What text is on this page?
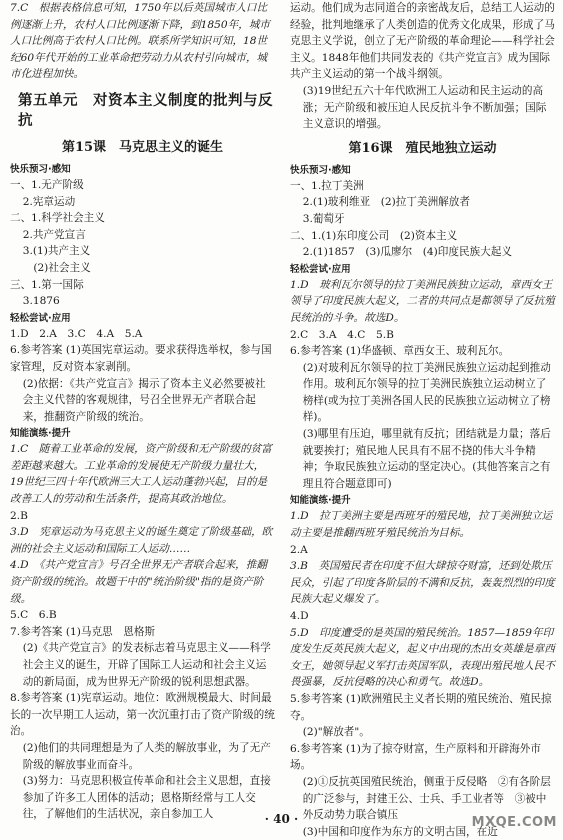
7.C　根据表格信息可知，1750年以后英国城市人口比例逐渐上升，农村人口比例逐渐下降，到1850年，城市人口比例高于农村人口比例。联系所学知识可知，18世纪60年代开始的工业革命把劳动力从农村引向城市，城市化进程加快。

第五单元　对资本主义制度的批判与反抗

第15课　马克思主义的诞生

快乐预习·感知

一、1.无产阶级

2.宪章运动

二、1.科学社会主义

2.共产党宣言

3.(1)共产主义

(2)社会主义

三、1.第一国际

3.1876

轻松尝试·应用

1.D　2.A　3.C　4.A　5.A

6.参考答案 (1)英国宪章运动。要求获得选举权，参与国家管理，反对资本家剥削。

(2)依据：《共产党宣言》揭示了资本主义必然要被社会主义代替的客观规律，号召全世界无产者联合起来，推翻资产阶级的统治。

知能演练·提升

1.C　随着工业革命的发展，资产阶级和无产阶级的贫富差距越来越大。工业革命的发展使无产阶级力量壮大，19世纪三四十年代欧洲三大工人运动蓬勃兴起，目的是改善工人的劳动和生活条件，提高其政治地位。

2.B

3.D　宪章运动为马克思主义的诞生奠定了阶级基础，欧洲的社会主义运动和国际工人运动……

4.D　《共产党宣言》号召全世界无产者联合起来，推翻资产阶级的统治。故题干中的"统治阶级"指的是资产阶级。

5.C　6.B

7.参考答案 (1)马克思　恩格斯

(2)《共产党宣言》的发表标志着马克思主义——科学社会主义的诞生，开辟了国际工人运动和社会主义运动的新局面，成为世界无产阶级的锐利思想武器。

8.参考答案 (1)宪章运动。地位：欧洲规模最大、时间最长的一次早期工人运动，第一次沉重打击了资产阶级的统治。

(2)他们的共同理想是为了人类的解放事业，为了无产阶级的解放事业而奋斗。

(3)努力：马克思积极宣传革命和社会主义思想，直接参加了许多工人团体的活动；恩格斯经常与工人交往，了解他们的生活状况，亲自参加工人

运动。他们成为志同道合的亲密战友后，总结工人运动的经验，批判地继承了人类创造的优秀文化成果，形成了马克思主义学说，创立了无产阶级的革命理论——科学社会主义。1848年他们共同发表的《共产党宣言》成为国际共产主义运动的第一个战斗纲领。

(3)19世纪五六十年代欧洲工人运动和民主运动的高涨；无产阶级和被压迫人民反抗斗争不断加强；国际主义意识的增强。

第16课　殖民地独立运动

快乐预习·感知

一、1.拉丁美洲

2.(1)玻利维亚　(2)拉丁美洲解放者

3.葡萄牙

二、1.(1)东印度公司　(2)资本主义

2.(1)1857　(3)瓜廖尔　(4)印度民族大起义

轻松尝试·应用

1.D　玻利瓦尔领导的拉丁美洲民族独立运动，章西女王领导了印度民族大起义，二者的共同点是都领导了反抗殖民统治的斗争。故选D。

2.C　3.A　4.C　5.B

6.参考答案 (1)华盛顿、章西女王、玻利瓦尔。

(2)对玻利瓦尔领导的拉丁美洲民族独立运动起到推动作用。玻利瓦尔领导的拉丁美洲民族独立运动树立了榜样(或为拉丁美洲各国人民的民族独立运动树立了榜样)。

(3)哪里有压迫，哪里就有反抗；团结就是力量；落后就要挨打；殖民地人民具有不屈不挠的伟大斗争精神；争取民族独立运动的坚定决心。(其他答案言之有理且符合题意即可)

知能演练·提升

1.D　拉丁美洲主要是西班牙的殖民地，拉丁美洲独立运动主要是推翻西班牙殖民统治为目标。

2.A

3.B　英国殖民者在印度不但大肆掠夺财富，还到处欺压民众，引起了印度各阶层的不满和反抗，轰轰烈烈的印度民族大起义爆发了。

4.D

5.D　印度遭受的是英国的殖民统治。1857—1859年印度发生反英民族大起义，起义中出现的杰出女英雄是章西女王，她领导起义军打击英国军队，表现出殖民地人民不畏强暴，反抗侵略的决心和勇气。故选D。

5.参考答案 (1)欧洲殖民主义者长期的殖民统治、殖民掠夺。

(2)"解放者"。

6.参考答案 (1)为了掠夺财富，生产原料和开辟海外市场。

(2)①反抗英国殖民统治，侧重于反侵略　②有各阶层的广泛参与，封建王公、士兵、手工业者等　③被中外反动势力联合镇压

(3)中国和印度作为东方的文明古国，在近

· 40 ·	MXQE.COM
